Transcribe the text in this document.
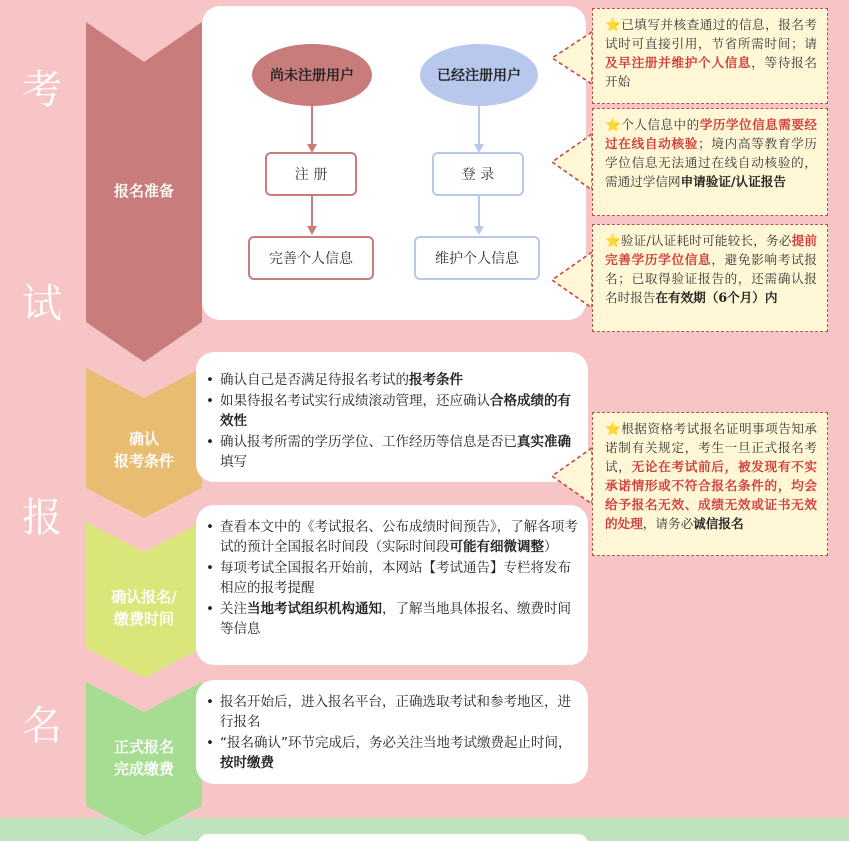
考
试
报
名
报名准备
确认
报考条件
确认报名/
缴费时间
正式报名
完成缴费
尚未注册用户	已经注册用户
注 册	登 录
完善个人信息	维护个人信息
• 确认自己是否满足待报名考试的报考条件
• 如果待报名考试实行成绩滚动管理，还应确认合格成绩的有效性
• 确认报考所需的学历学位、工作经历等信息是否已真实准确填写
• 查看本文中的《考试报名、公布成绩时间预告》，了解各项考试的预计全国报名时间段（实际时间段可能有细微调整）
• 每项考试全国报名开始前，本网站【考试通告】专栏将发布相应的报考提醒
• 关注当地考试组织机构通知，了解当地具体报名、缴费时间等信息
• 报名开始后，进入报名平台，正确选取考试和参考地区，进行报名
• “报名确认”环节完成后，务必关注当地考试缴费起止时间，按时缴费
⭐已填写并核查通过的信息，报名考试时可直接引用，节省所需时间；请及早注册并维护个人信息，等待报名开始
⭐个人信息中的学历学位信息需要经过在线自动核验；境内高等教育学历学位信息无法通过在线自动核验的，需通过学信网申请验证/认证报告
⭐验证/认证耗时可能较长，务必提前完善学历学位信息，避免影响考试报名；已取得验证报告的，还需确认报名时报告在有效期（6个月）内
⭐根据资格考试报名证明事项告知承诺制有关规定，考生一旦正式报名考试，无论在考试前后，被发现有不实承诺情形或不符合报名条件的，均会给予报名无效、成绩无效或证书无效的处理，请务必诚信报名
